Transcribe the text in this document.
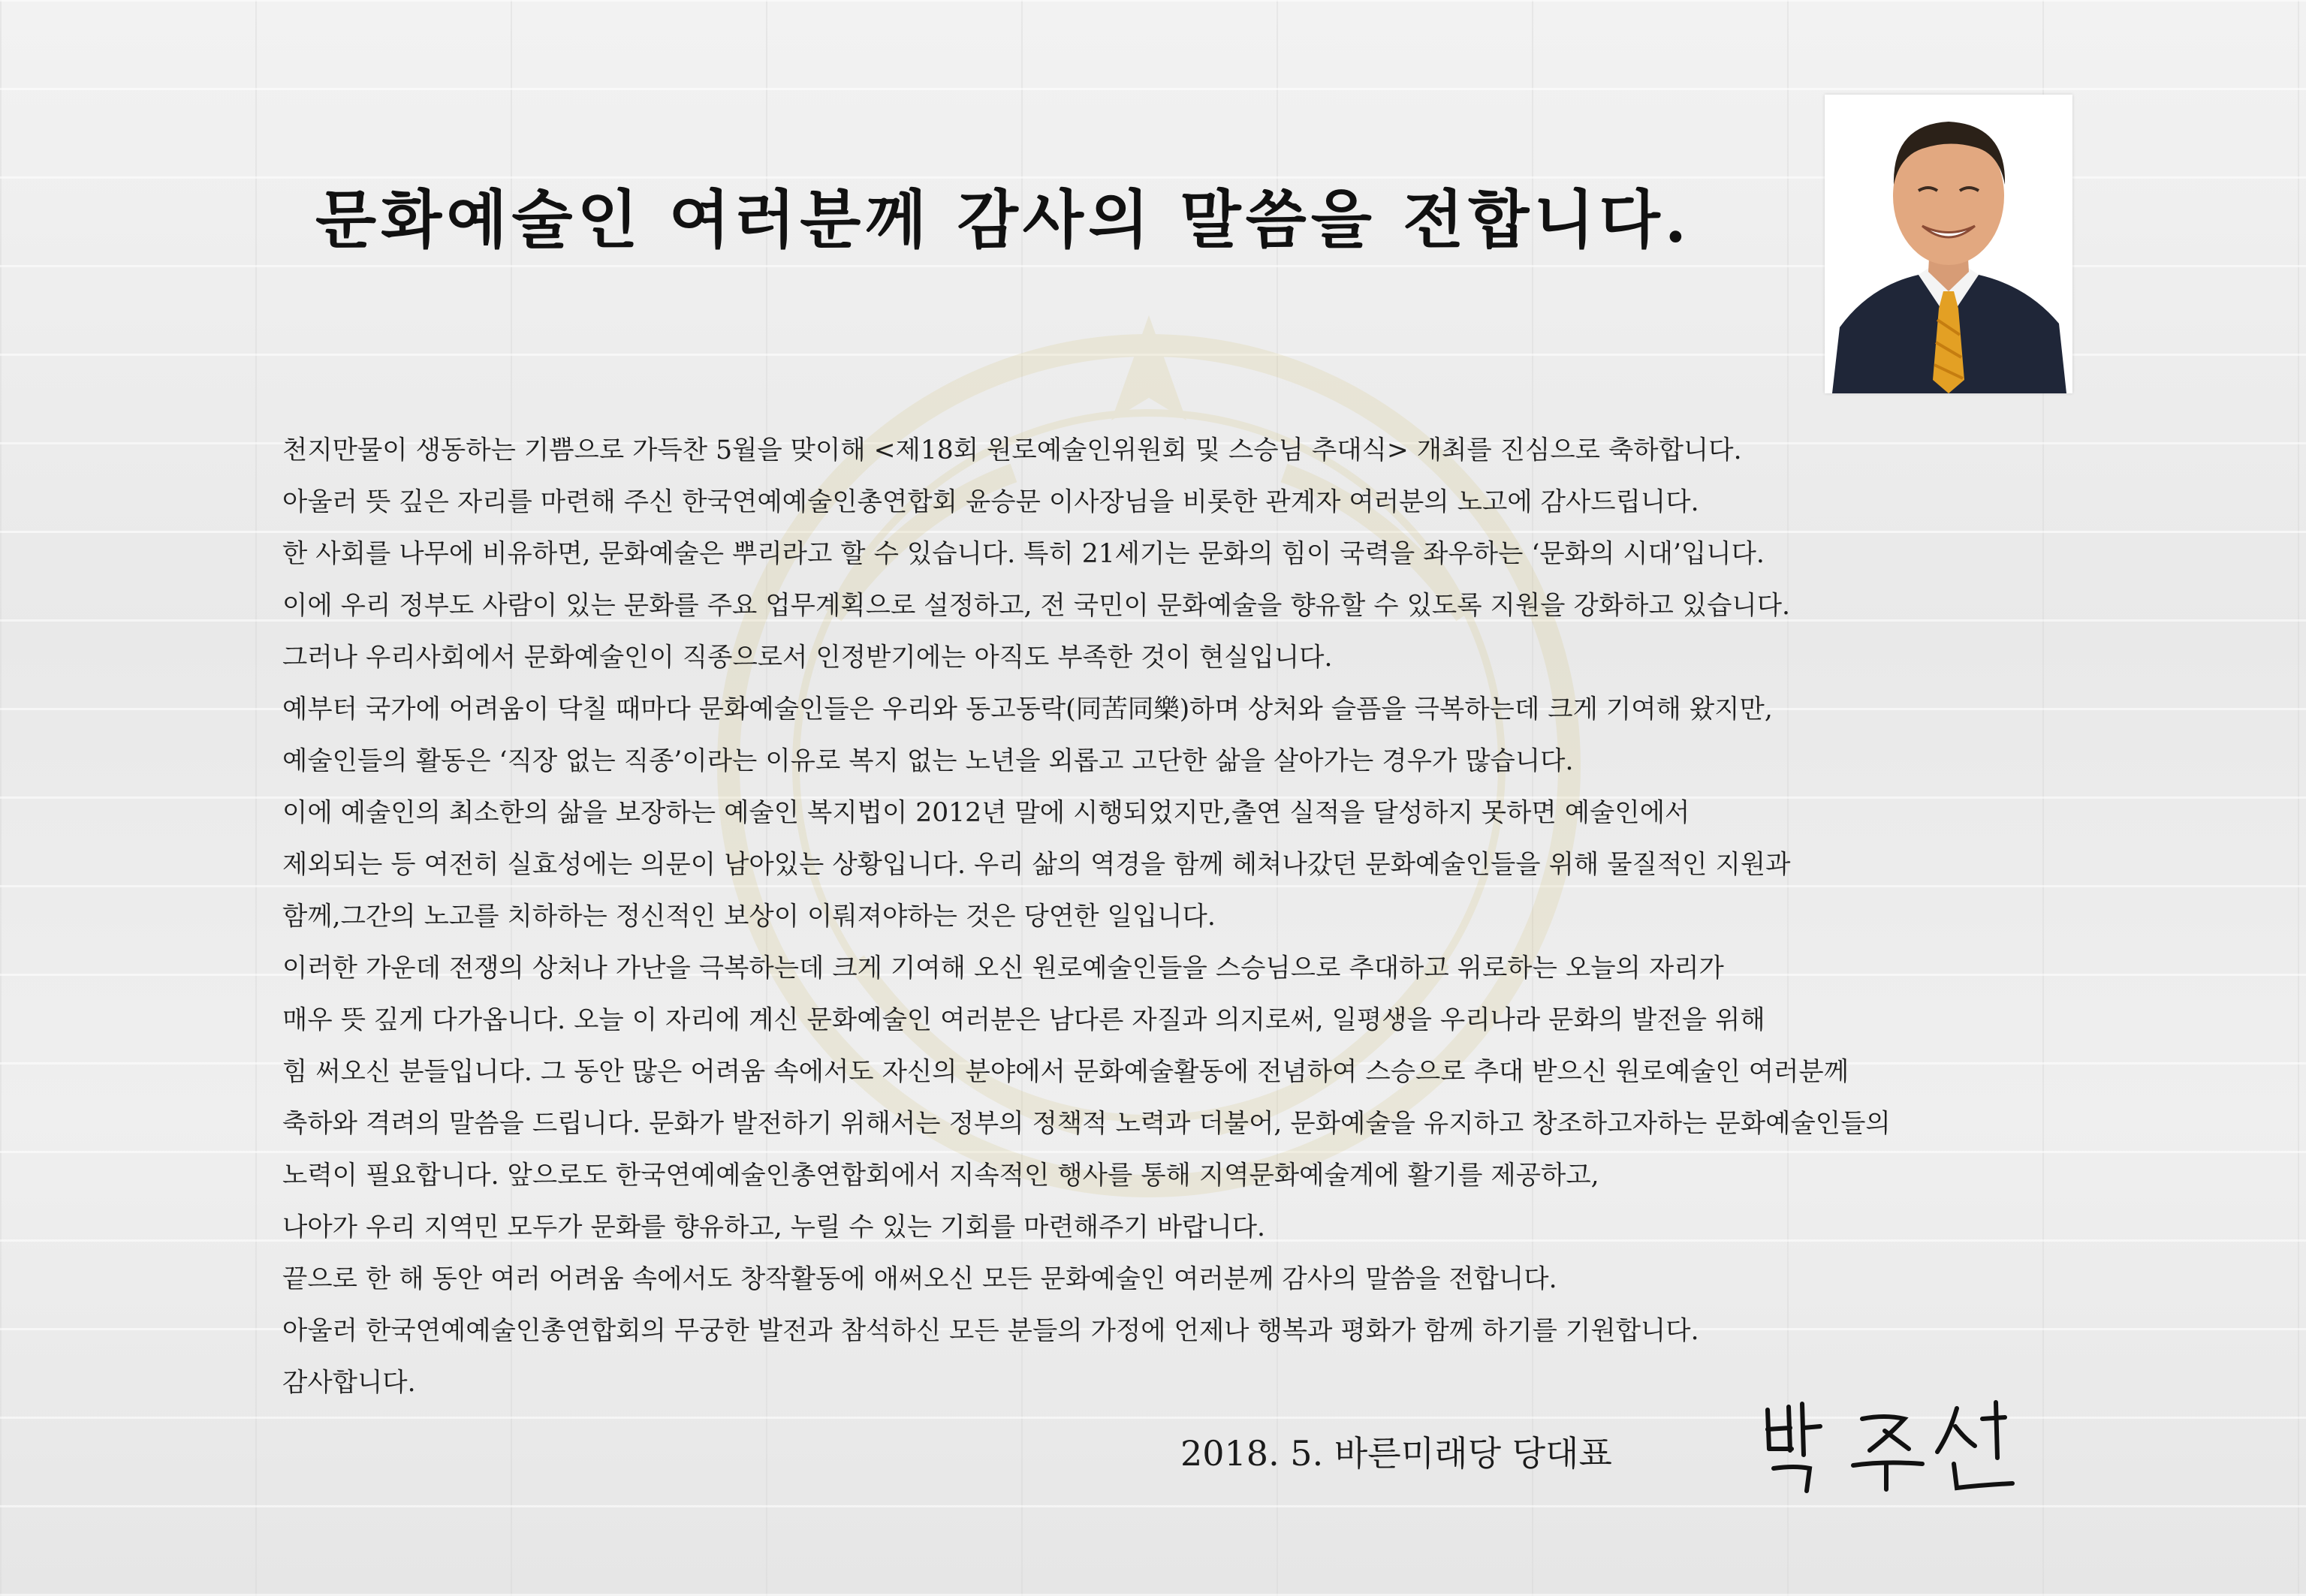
문화예술인 여러분께 감사의 말씀을 전합니다.

천지만물이 생동하는 기쁨으로 가득찬 5월을 맞이해 <제18회 원로예술인위원회 및 스승님 추대식> 개최를 진심으로 축하합니다.

아울러 뜻 깊은 자리를 마련해 주신 한국연예예술인총연합회 윤승문 이사장님을 비롯한 관계자 여러분의 노고에 감사드립니다.

한 사회를 나무에 비유하면, 문화예술은 뿌리라고 할 수 있습니다. 특히 21세기는 문화의 힘이 국력을 좌우하는 ‘문화의 시대’입니다.

이에 우리 정부도 사람이 있는 문화를 주요 업무계획으로 설정하고, 전 국민이 문화예술을 향유할 수 있도록 지원을 강화하고 있습니다.

그러나 우리사회에서 문화예술인이 직종으로서 인정받기에는 아직도 부족한 것이 현실입니다.

예부터 국가에 어려움이 닥칠 때마다 문화예술인들은 우리와 동고동락(同苦同樂)하며 상처와 슬픔을 극복하는데 크게 기여해 왔지만,

예술인들의 활동은 ‘직장 없는 직종’이라는 이유로 복지 없는 노년을 외롭고 고단한 삶을 살아가는 경우가 많습니다.

이에 예술인의 최소한의 삶을 보장하는 예술인 복지법이 2012년 말에 시행되었지만,출연 실적을 달성하지 못하면 예술인에서

제외되는 등 여전히 실효성에는 의문이 남아있는 상황입니다. 우리 삶의 역경을 함께 헤쳐나갔던 문화예술인들을 위해 물질적인 지원과

함께,그간의 노고를 치하하는 정신적인 보상이 이뤄져야하는 것은 당연한 일입니다.

이러한 가운데 전쟁의 상처나 가난을 극복하는데 크게 기여해 오신 원로예술인들을 스승님으로 추대하고 위로하는 오늘의 자리가

매우 뜻 깊게 다가옵니다. 오늘 이 자리에 계신 문화예술인 여러분은 남다른 자질과 의지로써, 일평생을 우리나라 문화의 발전을 위해

힘 써오신 분들입니다. 그 동안 많은 어려움 속에서도 자신의 분야에서 문화예술활동에 전념하여 스승으로 추대 받으신 원로예술인 여러분께

축하와 격려의 말씀을 드립니다. 문화가 발전하기 위해서는 정부의 정책적 노력과 더불어, 문화예술을 유지하고 창조하고자하는 문화예술인들의

노력이 필요합니다. 앞으로도 한국연예예술인총연합회에서 지속적인 행사를 통해 지역문화예술계에 활기를 제공하고,

나아가 우리 지역민 모두가 문화를 향유하고, 누릴 수 있는 기회를 마련해주기 바랍니다.

끝으로 한 해 동안 여러 어려움 속에서도 창작활동에 애써오신 모든 문화예술인 여러분께 감사의 말씀을 전합니다.

아울러 한국연예예술인총연합회의 무궁한 발전과 참석하신 모든 분들의 가정에 언제나 행복과 평화가 함께 하기를 기원합니다.

감사합니다.

2018. 5. 바른미래당 당대표
